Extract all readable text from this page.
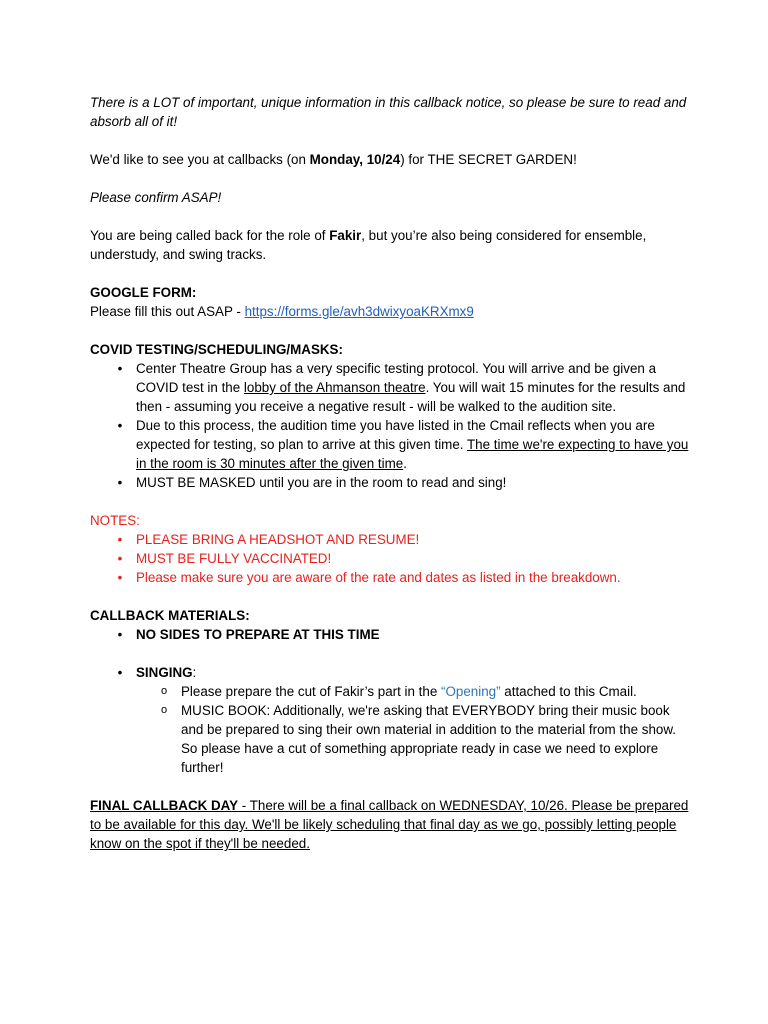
There is a LOT of important, unique information in this callback notice, so please be sure to read and absorb all of it!

We'd like to see you at callbacks (on Monday, 10/24) for THE SECRET GARDEN!

Please confirm ASAP!

You are being called back for the role of Fakir, but you’re also being considered for ensemble, understudy, and swing tracks.

GOOGLE FORM:

Please fill this out ASAP - https://forms.gle/avh3dwixyoaKRXmx9

COVID TESTING/SCHEDULING/MASKS:

• Center Theatre Group has a very specific testing protocol. You will arrive and be given a COVID test in the lobby of the Ahmanson theatre. You will wait 15 minutes for the results and then - assuming you receive a negative result - will be walked to the audition site.
• Due to this process, the audition time you have listed in the Cmail reflects when you are expected for testing, so plan to arrive at this given time. The time we're expecting to have you in the room is 30 minutes after the given time.
• MUST BE MASKED until you are in the room to read and sing!

NOTES:

• PLEASE BRING A HEADSHOT AND RESUME!
• MUST BE FULLY VACCINATED!
• Please make sure you are aware of the rate and dates as listed in the breakdown.

CALLBACK MATERIALS:

• NO SIDES TO PREPARE AT THIS TIME
• SINGING:
o Please prepare the cut of Fakir’s part in the “Opening” attached to this Cmail.
o MUSIC BOOK: Additionally, we're asking that EVERYBODY bring their music book and be prepared to sing their own material in addition to the material from the show. So please have a cut of something appropriate ready in case we need to explore further!

FINAL CALLBACK DAY - There will be a final callback on WEDNESDAY, 10/26. Please be prepared to be available for this day. We'll be likely scheduling that final day as we go, possibly letting people know on the spot if they'll be needed.
